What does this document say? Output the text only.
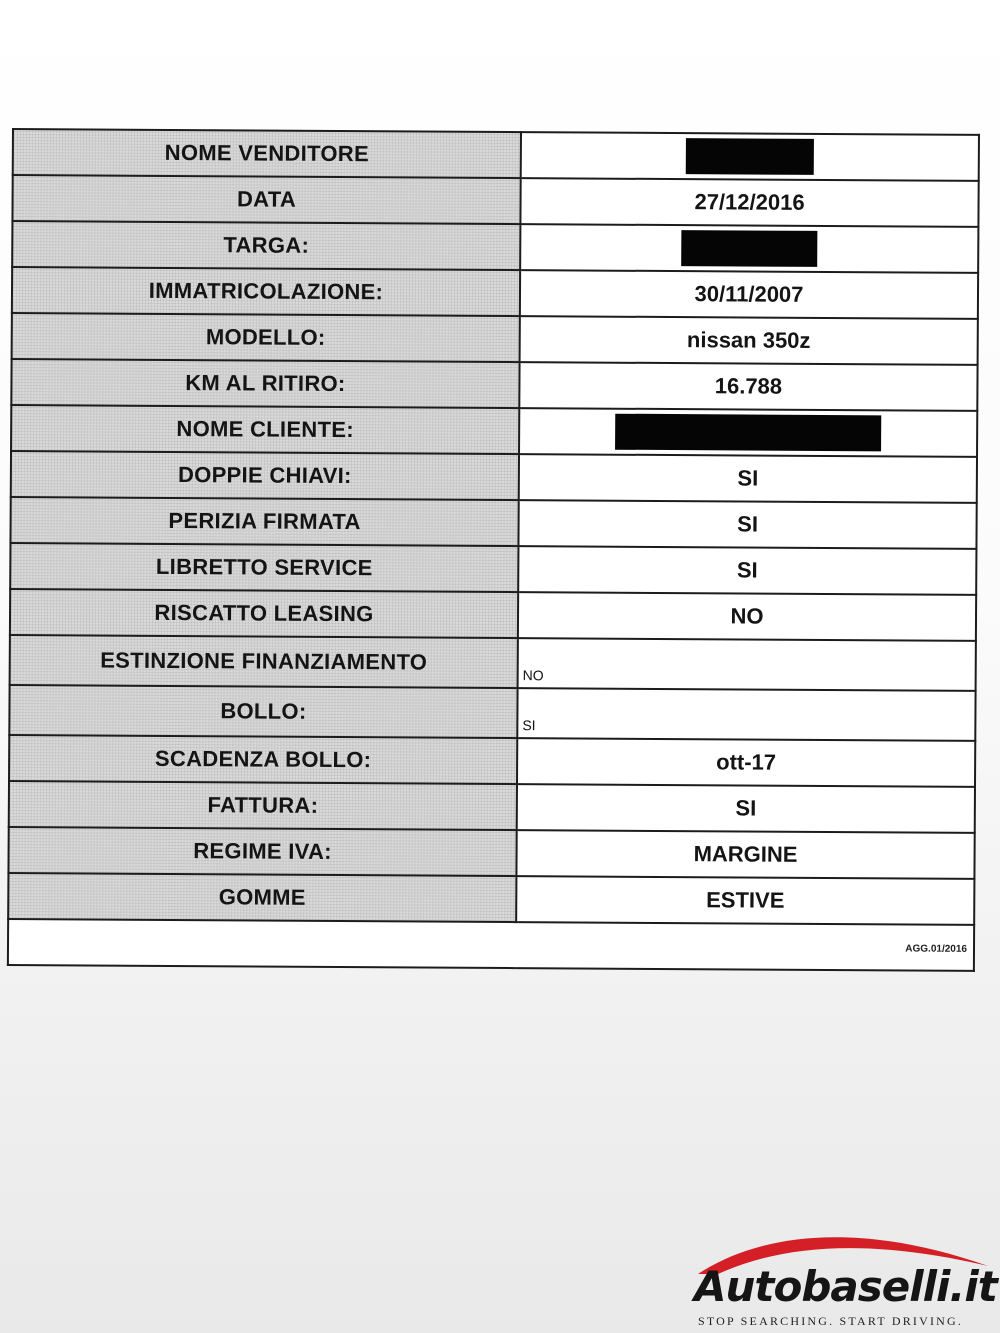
NOME VENDITORE	
DATA	27/12/2016
TARGA:	
IMMATRICOLAZIONE:	30/11/2007
MODELLO:	nissan 350z
KM AL RITIRO:	16.788
NOME CLIENTE:	
DOPPIE CHIAVI:	SI
PERIZIA FIRMATA	SI
LIBRETTO SERVICE	SI
RISCATTO LEASING	NO
ESTINZIONE FINANZIAMENTO	NO
BOLLO:	SI
SCADENZA BOLLO:	ott-17
FATTURA:	SI
REGIME IVA:	MARGINE
GOMME	ESTIVE
AGG.01/2016	
Autobaselli.it
STOP SEARCHING. START DRIVING.
